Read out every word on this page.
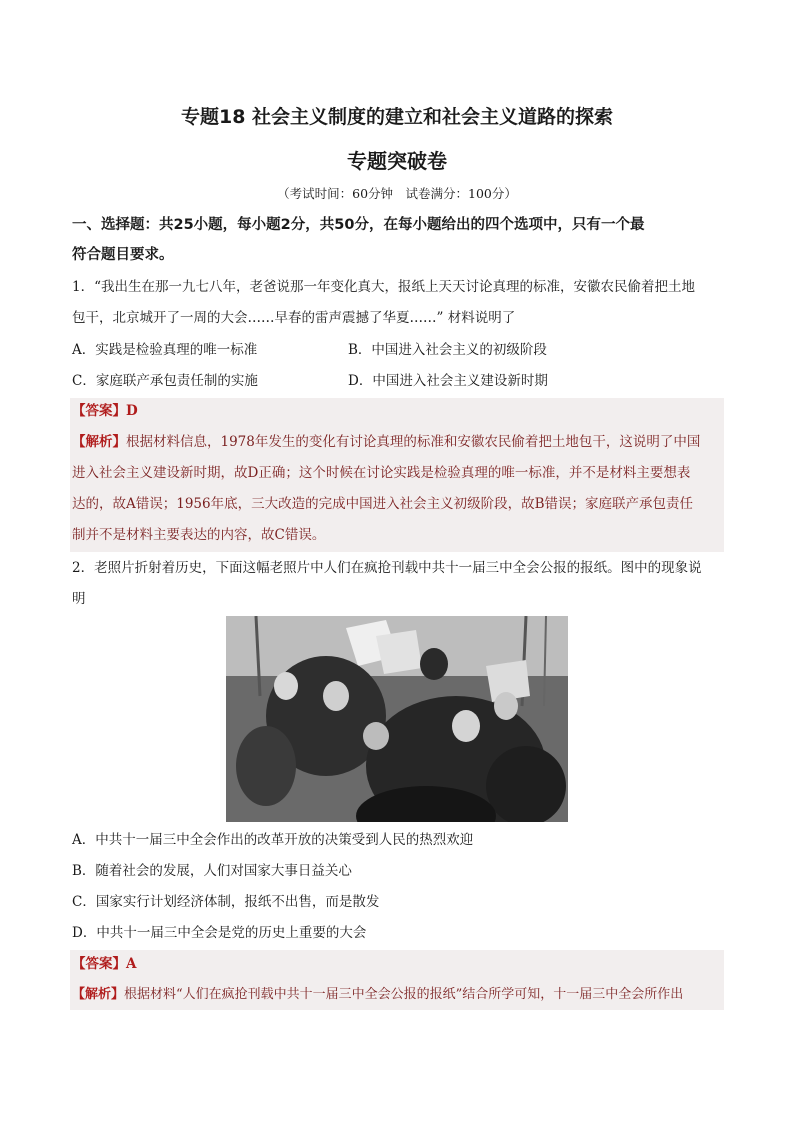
专题18 社会主义制度的建立和社会主义道路的探索
专题突破卷
（考试时间：60分钟　试卷满分：100分）
一、选择题：共25小题，每小题2分，共50分，在每小题给出的四个选项中，只有一个最
符合题目要求。
1．“我出生在那一九七八年，老爸说那一年变化真大，报纸上天天讨论真理的标准，安徽农民偷着把土地
包干，北京城开了一周的大会……早春的雷声震撼了华夏……” 材料说明了
A．实践是检验真理的唯一标准	B．中国进入社会主义的初级阶段
C．家庭联产承包责任制的实施	D．中国进入社会主义建设新时期
【答案】D
【解析】根据材料信息，1978年发生的变化有讨论真理的标准和安徽农民偷着把土地包干，这说明了中国
进入社会主义建设新时期，故D正确；这个时候在讨论实践是检验真理的唯一标准，并不是材料主要想表
达的，故A错误；1956年底，三大改造的完成中国进入社会主义初级阶段，故B错误；家庭联产承包责任
制并不是材料主要表达的内容，故C错误。
2．老照片折射着历史，下面这幅老照片中人们在疯抢刊载中共十一届三中全会公报的报纸。图中的现象说
明
A．中共十一届三中全会作出的改革开放的决策受到人民的热烈欢迎
B．随着社会的发展，人们对国家大事日益关心
C．国家实行计划经济体制，报纸不出售，而是散发
D．中共十一届三中全会是党的历史上重要的大会
【答案】A
【解析】根据材料“人们在疯抢刊载中共十一届三中全会公报的报纸”结合所学可知，十一届三中全会所作出
